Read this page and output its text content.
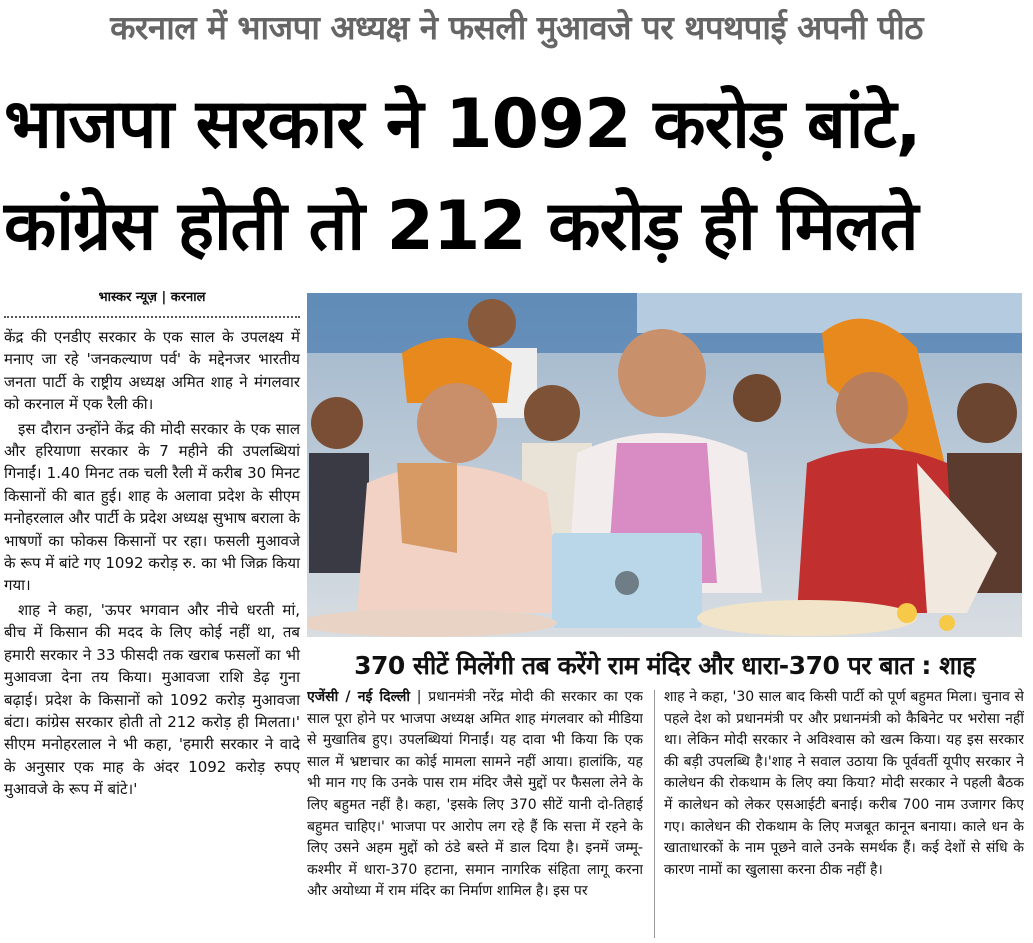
करनाल में भाजपा अध्यक्ष ने फसली मुआवजे पर थपथपाई अपनी पीठ
भाजपा सरकार ने 1092 करोड़ बांटे,
कांग्रेस होती तो 212 करोड़ ही मिलते
भास्कर न्यूज़ | करनाल

केंद्र की एनडीए सरकार के एक साल के उपलक्ष्य में मनाए जा रहे 'जनकल्याण पर्व' के मद्देनजर भारतीय जनता पार्टी के राष्ट्रीय अध्यक्ष अमित शाह ने मंगलवार को करनाल में एक रैली की।

इस दौरान उन्होंने केंद्र की मोदी सरकार के एक साल और हरियाणा सरकार के 7 महीने की उपलब्धियां गिनाईं। 1.40 मिनट तक चली रैली में करीब 30 मिनट किसानों की बात हुई। शाह के अलावा प्रदेश के सीएम मनोहरलाल और पार्टी के प्रदेश अध्यक्ष सुभाष बराला के भाषणों का फोकस किसानों पर रहा। फसली मुआवजे के रूप में बांटे गए 1092 करोड़ रु. का भी जिक्र किया गया।

शाह ने कहा, 'ऊपर भगवान और नीचे धरती मां, बीच में किसान की मदद के लिए कोई नहीं था, तब हमारी सरकार ने 33 फीसदी तक खराब फसलों का भी मुआवजा देना तय किया। मुआवजा राशि डेढ़ गुना बढ़ाई। प्रदेश के किसानों को 1092 करोड़ मुआवजा बंटा। कांग्रेस सरकार होती तो 212 करोड़ ही मिलता।' सीएम मनोहरलाल ने भी कहा, 'हमारी सरकार ने वादे के अनुसार एक माह के अंदर 1092 करोड़ रुपए मुआवजे के रूप में बांटे।'

370 सीटें मिलेंगी तब करेंगे राम मंदिर और धारा-370 पर बात : शाह

एजेंसी / नई दिल्ली | प्रधानमंत्री नरेंद्र मोदी की सरकार का एक साल पूरा होने पर भाजपा अध्यक्ष अमित शाह मंगलवार को मीडिया से मुखातिब हुए। उपलब्धियां गिनाईं। यह दावा भी किया कि एक साल में भ्रष्टाचार का कोई मामला सामने नहीं आया। हालांकि, यह भी मान गए कि उनके पास राम मंदिर जैसे मुद्दों पर फैसला लेने के लिए बहुमत नहीं है। कहा, 'इसके लिए 370 सीटें यानी दो-तिहाई बहुमत चाहिए।' भाजपा पर आरोप लग रहे हैं कि सत्ता में रहने के लिए उसने अहम मुद्दों को ठंडे बस्ते में डाल दिया है। इनमें जम्मू-कश्मीर में धारा-370 हटाना, समान नागरिक संहिता लागू करना और अयोध्या में राम मंदिर का निर्माण शामिल है। इस पर

शाह ने कहा, '30 साल बाद किसी पार्टी को पूर्ण बहुमत मिला। चुनाव से पहले देश को प्रधानमंत्री पर और प्रधानमंत्री को कैबिनेट पर भरोसा नहीं था। लेकिन मोदी सरकार ने अविश्वास को खत्म किया। यह इस सरकार की बड़ी उपलब्धि है।'शाह ने सवाल उठाया कि पूर्ववर्ती यूपीए सरकार ने कालेधन की रोकथाम के लिए क्या किया? मोदी सरकार ने पहली बैठक में कालेधन को लेकर एसआईटी बनाई। करीब 700 नाम उजागर किए गए। कालेधन की रोकथाम के लिए मजबूत कानून बनाया। काले धन के खाताधारकों के नाम पूछने वाले उनके समर्थक हैं। कई देशों से संधि के कारण नामों का खुलासा करना ठीक नहीं है।
